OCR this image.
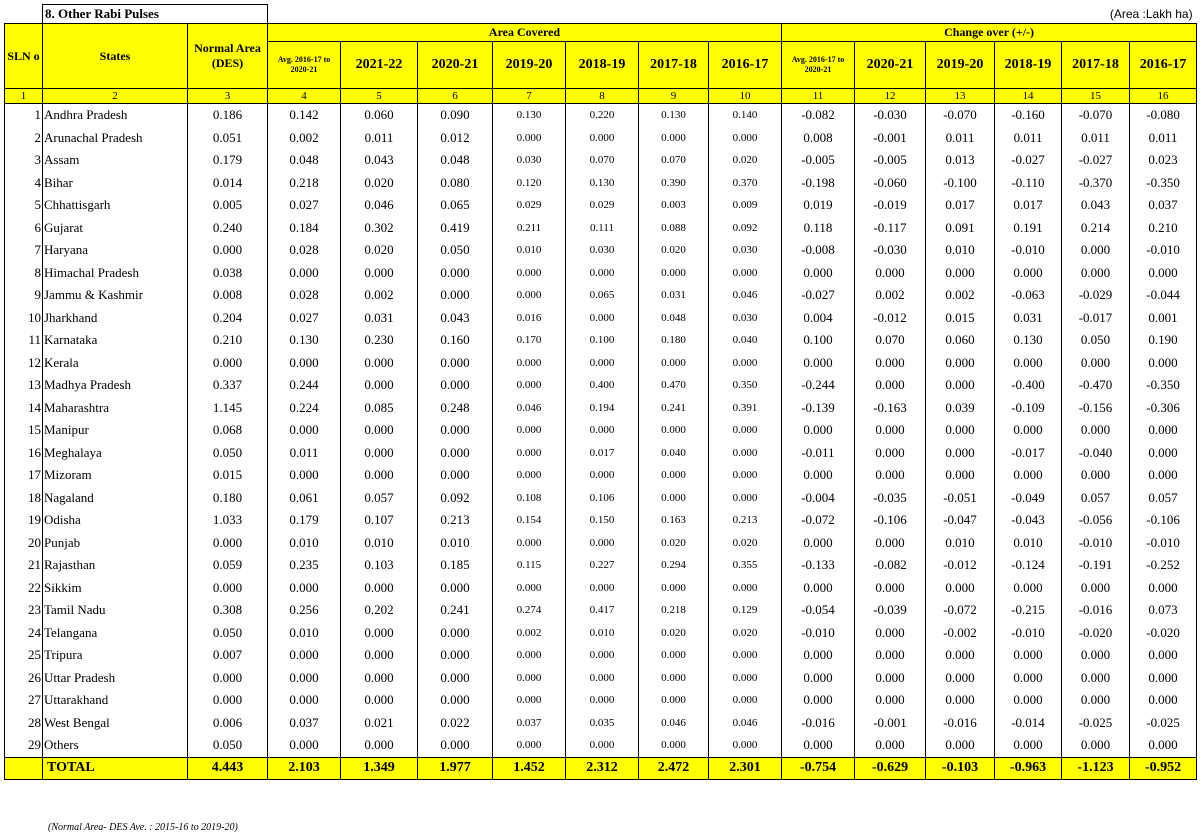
	8. Other Rabi Pulses		(Area :Lakh ha)												
SLN o	States	Normal Area (DES)	Area Covered							Change over (+/-)					
			Avg. 2016-17 to 2020-21	2021-22	2020-21	2019-20	2018-19	2017-18	2016-17	Avg. 2016-17 to 2020-21	2020-21	2019-20	2018-19	2017-18	2016-17
1	2	3	4	5	6	7	8	9	10	11	12	13	14	15	16
1	Andhra Pradesh	0.186	0.142	0.060	0.090	0.130	0.220	0.130	0.140	-0.082	-0.030	-0.070	-0.160	-0.070	-0.080
2	Arunachal Pradesh	0.051	0.002	0.011	0.012	0.000	0.000	0.000	0.000	0.008	-0.001	0.011	0.011	0.011	0.011
3	Assam	0.179	0.048	0.043	0.048	0.030	0.070	0.070	0.020	-0.005	-0.005	0.013	-0.027	-0.027	0.023
4	Bihar	0.014	0.218	0.020	0.080	0.120	0.130	0.390	0.370	-0.198	-0.060	-0.100	-0.110	-0.370	-0.350
5	Chhattisgarh	0.005	0.027	0.046	0.065	0.029	0.029	0.003	0.009	0.019	-0.019	0.017	0.017	0.043	0.037
6	Gujarat	0.240	0.184	0.302	0.419	0.211	0.111	0.088	0.092	0.118	-0.117	0.091	0.191	0.214	0.210
7	Haryana	0.000	0.028	0.020	0.050	0.010	0.030	0.020	0.030	-0.008	-0.030	0.010	-0.010	0.000	-0.010
8	Himachal Pradesh	0.038	0.000	0.000	0.000	0.000	0.000	0.000	0.000	0.000	0.000	0.000	0.000	0.000	0.000
9	Jammu & Kashmir	0.008	0.028	0.002	0.000	0.000	0.065	0.031	0.046	-0.027	0.002	0.002	-0.063	-0.029	-0.044
10	Jharkhand	0.204	0.027	0.031	0.043	0.016	0.000	0.048	0.030	0.004	-0.012	0.015	0.031	-0.017	0.001
11	Karnataka	0.210	0.130	0.230	0.160	0.170	0.100	0.180	0.040	0.100	0.070	0.060	0.130	0.050	0.190
12	Kerala	0.000	0.000	0.000	0.000	0.000	0.000	0.000	0.000	0.000	0.000	0.000	0.000	0.000	0.000
13	Madhya Pradesh	0.337	0.244	0.000	0.000	0.000	0.400	0.470	0.350	-0.244	0.000	0.000	-0.400	-0.470	-0.350
14	Maharashtra	1.145	0.224	0.085	0.248	0.046	0.194	0.241	0.391	-0.139	-0.163	0.039	-0.109	-0.156	-0.306
15	Manipur	0.068	0.000	0.000	0.000	0.000	0.000	0.000	0.000	0.000	0.000	0.000	0.000	0.000	0.000
16	Meghalaya	0.050	0.011	0.000	0.000	0.000	0.017	0.040	0.000	-0.011	0.000	0.000	-0.017	-0.040	0.000
17	Mizoram	0.015	0.000	0.000	0.000	0.000	0.000	0.000	0.000	0.000	0.000	0.000	0.000	0.000	0.000
18	Nagaland	0.180	0.061	0.057	0.092	0.108	0.106	0.000	0.000	-0.004	-0.035	-0.051	-0.049	0.057	0.057
19	Odisha	1.033	0.179	0.107	0.213	0.154	0.150	0.163	0.213	-0.072	-0.106	-0.047	-0.043	-0.056	-0.106
20	Punjab	0.000	0.010	0.010	0.010	0.000	0.000	0.020	0.020	0.000	0.000	0.010	0.010	-0.010	-0.010
21	Rajasthan	0.059	0.235	0.103	0.185	0.115	0.227	0.294	0.355	-0.133	-0.082	-0.012	-0.124	-0.191	-0.252
22	Sikkim	0.000	0.000	0.000	0.000	0.000	0.000	0.000	0.000	0.000	0.000	0.000	0.000	0.000	0.000
23	Tamil Nadu	0.308	0.256	0.202	0.241	0.274	0.417	0.218	0.129	-0.054	-0.039	-0.072	-0.215	-0.016	0.073
24	Telangana	0.050	0.010	0.000	0.000	0.002	0.010	0.020	0.020	-0.010	0.000	-0.002	-0.010	-0.020	-0.020
25	Tripura	0.007	0.000	0.000	0.000	0.000	0.000	0.000	0.000	0.000	0.000	0.000	0.000	0.000	0.000
26	Uttar Pradesh	0.000	0.000	0.000	0.000	0.000	0.000	0.000	0.000	0.000	0.000	0.000	0.000	0.000	0.000
27	Uttarakhand	0.000	0.000	0.000	0.000	0.000	0.000	0.000	0.000	0.000	0.000	0.000	0.000	0.000	0.000
28	West Bengal	0.006	0.037	0.021	0.022	0.037	0.035	0.046	0.046	-0.016	-0.001	-0.016	-0.014	-0.025	-0.025
29	Others	0.050	0.000	0.000	0.000	0.000	0.000	0.000	0.000	0.000	0.000	0.000	0.000	0.000	0.000
	TOTAL	4.443	2.103	1.349	1.977	1.452	2.312	2.472	2.301	-0.754	-0.629	-0.103	-0.963	-1.123	-0.952
(Normal Area- DES Ave. : 2015-16 to 2019-20)
